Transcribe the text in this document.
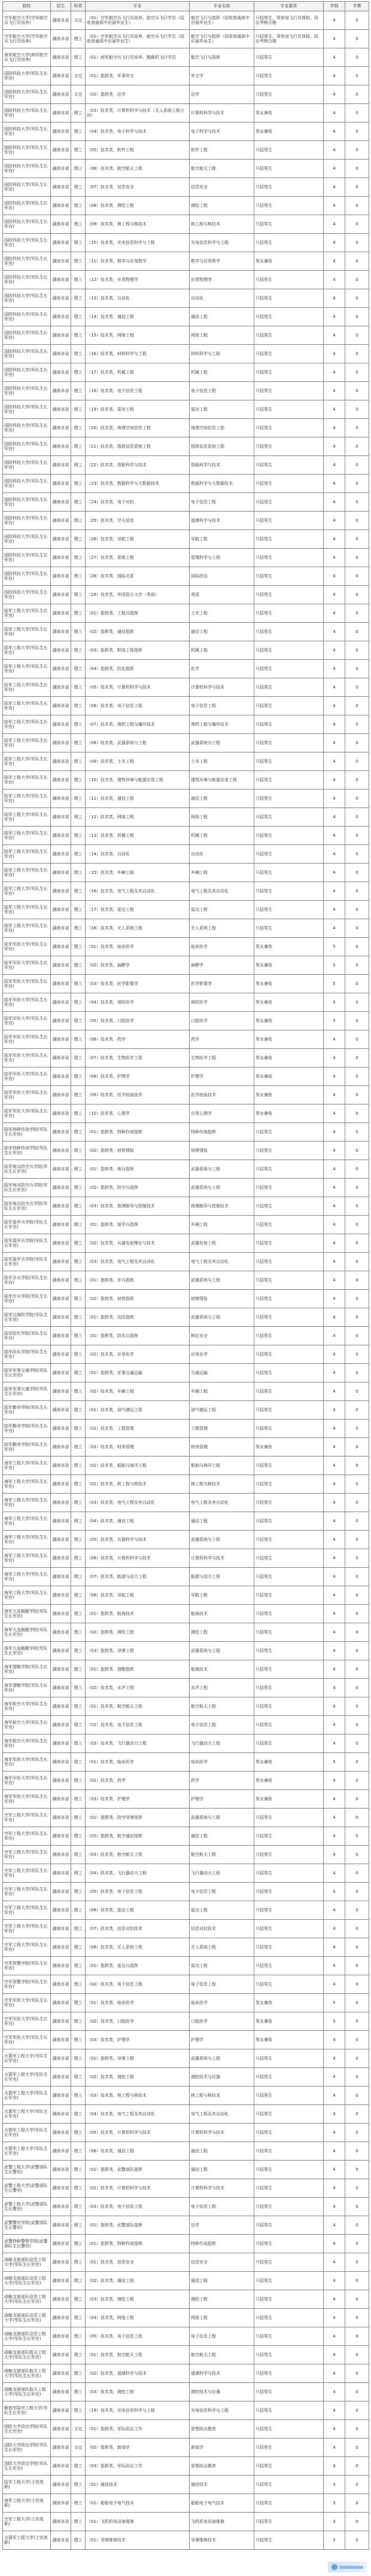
院校	招生	科类	专业	专业名称	专业要求	学制	学费
空军航空大学(空军航空兵飞行员培养)	湖南本省	文史	（01）空军航空兵飞行员培养，航空兵飞行学员（招收普通高中应届毕业生）	航空飞行与指挥（招收普通高中应届毕业生）	只招男生，须参加飞行员体检，政治考核合格	4	0
空军航空大学(空军航空兵飞行员培养)	湖南本省	理工	（01）空军航空兵飞行员培养，航空兵飞行学员（招收普通高中应届毕业生）	航空飞行与指挥（招收普通高中应届毕业生）	只招男生，须参加飞行员体检，政治考核合格	4	0
海军航空大学(海军航空兵飞行员培养)	湖南本省	理工	（01）海军航空兵飞行员培养，舰载机飞行学员	航空飞行与指挥	只招男生	4	0
国防科技大学(军队生长军官)	湖南本省	文史	（01）指挥类，军事外交	外交学	只招男生	4	0
国防科技大学(军队生长军官)	湖南本省	文史	（02）指挥类，法学	法学	只招男生	4	0
国防科技大学(军队生长军官)	湖南本省	理工	（03）技术类，计算机科学与技术（无人系统工程方向）	计算机科学与技术	男女兼收	4	0
国防科技大学(军队生长军官)	湖南本省	理工	（04）技术类，电子科学与技术	电子科学与技术	男女兼收	4	0
国防科技大学(军队生长军官)	湖南本省	理工	（05）技术类，软件工程	软件工程	只招男生	4	0
国防科技大学(军队生长军官)	湖南本省	理工	（06）技术类，航空航天工程	航空航天工程	只招男生	4	0
国防科技大学(军队生长军官)	湖南本省	理工	（07）技术类，信息安全	信息安全	只招男生	4	0
国防科技大学(军队生长军官)	湖南本省	理工	（08）技术类，测绘工程	测绘工程	只招男生	4	0
国防科技大学(军队生长军官)	湖南本省	理工	（09）技术类，核工程与核技术	核工程与核技术	只招男生	4	0
国防科技大学(军队生长军官)	湖南本省	理工	（10）技术类，光电信息科学与工程	光电信息科学与工程	只招男生	4	0
国防科技大学(军队生长军官)	湖南本省	理工	（11）技术类，数学与应用数学	数学与应用数学	男女兼收	4	0
国防科技大学(军队生长军官)	湖南本省	理工	（12）技术类，应用物理学	应用物理学	只招男生	4	0
国防科技大学(军队生长军官)	湖南本省	理工	（13）技术类，自动化	自动化	只招男生	4	0
国防科技大学(军队生长军官)	湖南本省	理工	（14）技术类，通信工程	通信工程	只招男生	4	0
国防科技大学(军队生长军官)	湖南本省	理工	（15）技术类，网络工程	网络工程	只招男生	4	0
国防科技大学(军队生长军官)	湖南本省	理工	（16）技术类，材料科学与工程	材料科学与工程	只招男生	4	0
国防科技大学(军队生长军官)	湖南本省	理工	（17）技术类，机械工程	机械工程	只招男生	4	0
国防科技大学(军队生长军官)	湖南本省	理工	（18）技术类，电子信息工程	电子信息工程	只招男生	4	0
国防科技大学(军队生长军官)	湖南本省	理工	（19）技术类，雷达工程	雷达工程	只招男生	4	0
国防科技大学(军队生长军官)	湖南本省	理工	（20）技术类，地理空间信息工程	地理空间信息工程	只招男生	4	0
国防科技大学(军队生长军官)	湖南本省	理工	（21）技术类，指挥信息系统工程	指挥信息系统工程	只招男生	4	0
国防科技大学(军队生长军官)	湖南本省	理工	（22）技术类，智能科学与技术	智能科学与技术	只招男生	4	0
国防科技大学(军队生长军官)	湖南本省	理工	（23）技术类，数据科学与大数据技术	数据科学与大数据技术	只招男生	4	0
国防科技大学(军队生长军官)	湖南本省	理工	（24）技术类，电子对抗	电子信息工程	只招男生	4	0
国防科技大学(军队生长军官)	湖南本省	理工	（25）技术类，空天信息	遥感科学与技术	只招男生	4	0
国防科技大学(军队生长军官)	湖南本省	理工	（26）技术类，导航工程	导航工程	只招男生	4	0
国防科技大学(军队生长军官)	湖南本省	理工	（27）技术类，系统工程	管理科学与工程	只招男生	4	0
国防科技大学(军队生长军官)	湖南本省	理工	（28）技术类，国际关系	国际政治	只招男生	4	0
国防科技大学(军队生长军官)	湖南本省	理工	（29）技术类，外国语言文学（英语）	英语	只招男生	4	0
陆军工程大学(军队生长军官)	湖南本省	理工	（01）指挥类，工程兵指挥	土木工程	只招男生	4	0
陆军工程大学(军队生长军官)	湖南本省	理工	（02）指挥类，通信指挥	通信工程	只招男生	4	0
陆军工程大学(军队生长军官)	湖南本省	理工	（03）指挥类，野战工程指挥	机械工程	只招男生	4	0
陆军工程大学(军队生长军官)	湖南本省	理工	（04）指挥类，防化指挥	化学	只招男生	4	0
陆军工程大学(军队生长军官)	湖南本省	理工	（05）技术类，计算机科学与技术	计算机科学与技术	只招男生	4	0
陆军工程大学(军队生长军官)	湖南本省	理工	（06）技术类，电子信息工程	电子信息工程	只招男生	4	0
陆军工程大学(军队生长军官)	湖南本省	理工	（07）技术类，弹药工程与爆炸技术	弹药工程与爆炸技术	只招男生	4	0
陆军工程大学(军队生长军官)	湖南本省	理工	（08）技术类，武器系统与工程	武器系统与工程	只招男生	4	0
陆军工程大学(军队生长军官)	湖南本省	理工	（09）技术类，土木工程	土木工程	只招男生	4	0
陆军工程大学(军队生长军官)	湖南本省	理工	（10）技术类，建筑环境与能源应用工程	建筑环境与能源应用工程	只招男生	4	0
陆军工程大学(军队生长军官)	湖南本省	理工	（11）技术类，通信工程	通信工程	只招男生	4	0
陆军工程大学(军队生长军官)	湖南本省	理工	（12）技术类，网络工程	网络工程	只招男生	4	0
陆军工程大学(军队生长军官)	湖南本省	理工	（13）技术类，机械工程	机械工程	只招男生	4	0
陆军工程大学(军队生长军官)	湖南本省	理工	（14）技术类，自动化	自动化	只招男生	4	0
陆军工程大学(军队生长军官)	湖南本省	理工	（15）技术类，车辆工程	车辆工程	只招男生	4	0
陆军工程大学(军队生长军官)	湖南本省	理工	（16）技术类，电气工程及其自动化	电气工程及其自动化	只招男生	4	0
陆军工程大学(军队生长军官)	湖南本省	理工	（17）技术类，雷达工程	雷达工程	只招男生	4	0
陆军工程大学(军队生长军官)	湖南本省	理工	（18）技术类，无人系统工程	无人系统工程	只招男生	4	0
陆军军医大学(军队生长军官)	湖南本省	理工	（01）技术类，临床医学	临床医学	男女兼收	5	0
陆军军医大学(军队生长军官)	湖南本省	理工	（02）技术类，麻醉学	麻醉学	男女兼收	5	0
陆军军医大学(军队生长军官)	湖南本省	理工	（03）技术类，医学影像学	医学影像学	男女兼收	5	0
陆军军医大学(军队生长军官)	湖南本省	理工	（04）技术类，预防医学	预防医学	男女兼收	5	0
陆军军医大学(军队生长军官)	湖南本省	理工	（05）技术类，口腔医学	口腔医学	男女兼收	5	0
陆军军医大学(军队生长军官)	湖南本省	理工	（06）技术类，药学	药学	男女兼收	4	0
陆军军医大学(军队生长军官)	湖南本省	理工	（07）技术类，生物医学工程	生物医学工程	男女兼收	4	0
陆军军医大学(军队生长军官)	湖南本省	理工	（08）技术类，护理学	护理学	男女兼收	4	0
陆军军医大学(军队生长军官)	湖南本省	理工	（09）技术类，医学检验技术	医学检验技术	男女兼收	4	0
陆军军医大学(军队生长军官)	湖南本省	理工	（10）技术类，心理学	应用心理学	男女兼收	4	0
陆军特种作战学院(军队生长军官)	湖南本省	理工	（01）指挥类，特种作战指挥	特种作战指挥	只招男生	4	0
陆军特种作战学院(军队生长军官)	湖南本省	理工	（02）指挥类，侦察情报	侦察情报	只招男生	4	0
陆军炮兵防空兵学院(军队生长军官)	湖南本省	理工	（01）指挥类，炮兵指挥	武器系统与工程	只招男生	4	0
陆军炮兵防空兵学院(军队生长军官)	湖南本省	理工	（02）指挥类，防空兵指挥	武器系统与工程	只招男生	4	0
陆军炮兵防空兵学院(军队生长军官)	湖南本省	理工	（03）技术类，探测制导与控制技术	探测制导与控制技术	只招男生	4	0
陆军装甲兵学院(军队生长军官)	湖南本省	理工	（01）指挥类，装甲兵指挥	车辆工程	只招男生	4	0
陆军装甲兵学院(军队生长军官)	湖南本省	理工	（02）技术类，兵器发射理论与技术	武器发射工程	只招男生	4	0
陆军装甲兵学院(军队生长军官)	湖南本省	理工	（03）技术类，电气工程及其自动化	电气工程及其自动化	只招男生	4	0
陆军步兵学院(军队生长军官)	湖南本省	理工	（01）指挥类，步兵指挥	武器系统与工程	只招男生	4	0
陆军步兵学院(军队生长军官)	湖南本省	理工	（02）指挥类，侦察指挥	侦察情报	只招男生	4	0
陆军边海防学院(军队生长军官)	湖南本省	理工	（01）指挥类，边防指挥	武器系统与工程	只招男生	4	0
陆军防化学院(军队生长军官)	湖南本省	理工	（01）指挥类，防化兵指挥	核化安全	只招男生	4	0
陆军防化学院(军队生长军官)	湖南本省	理工	（02）技术类，应用化学	应用化学	只招男生	4	0
陆军军事交通学院(军队生长军官)	湖南本省	理工	（01）指挥类，军事交通运输	交通运输	只招男生	4	0
陆军军事交通学院(军队生长军官)	湖南本省	理工	（02）技术类，车辆工程	车辆工程	只招男生	4	0
陆军勤务学院(军队生长军官)	湖南本省	理工	（01）技术类，油气储运工程	油气储运工程	只招男生	4	0
陆军勤务学院(军队生长军官)	湖南本省	理工	（02）技术类，工程管理	工程管理	只招男生	4	0
陆军勤务学院(军队生长军官)	湖南本省	理工	（03）技术类，财务管理	财务管理	男女兼收	4	0
海军工程大学(军队生长军官)	湖南本省	理工	（01）技术类，船舶与海洋工程	船舶与海洋工程	只招男生	4	0
海军工程大学(军队生长军官)	湖南本省	理工	（02）技术类，核工程与核技术	核工程与核技术	只招男生	4	0
海军工程大学(军队生长军官)	湖南本省	理工	（03）技术类，电气工程及其自动化	电气工程及其自动化	只招男生	4	0
海军工程大学(军队生长军官)	湖南本省	理工	（04）技术类，通信工程	通信工程	只招男生	4	0
海军工程大学(军队生长军官)	湖南本省	理工	（05）技术类，兵器科学与技术	武器系统与工程	只招男生	4	0
海军工程大学(军队生长军官)	湖南本省	理工	（06）技术类，计算机科学与技术	计算机科学与技术	只招男生	4	0
海军工程大学(军队生长军官)	湖南本省	理工	（07）技术类，能源与动力工程	能源与动力工程	只招男生	4	0
海军工程大学(军队生长军官)	湖南本省	理工	（08）技术类，导航工程	导航工程	只招男生	4	0
海军大连舰艇学院(军队生长军官)	湖南本省	理工	（01）指挥类，航海技术	航海技术	只招男生	4	0
海军大连舰艇学院(军队生长军官)	湖南本省	理工	（02）指挥类，测绘工程	测绘工程	只招男生	4	0
海军大连舰艇学院(军队生长军官)	湖南本省	理工	（03）指挥类，导弹工程	武器系统与工程	只招男生	4	0
海军潜艇学院(军队生长军官)	湖南本省	理工	（01）指挥类，潜艇指挥	航海技术	只招男生	4	0
海军潜艇学院(军队生长军官)	湖南本省	理工	（02）技术类，水声工程	水声工程	只招男生	4	0
海军航空大学(军队生长军官)	湖南本省	理工	（01）技术类，航空航天工程	航空航天工程	只招男生	4	0
海军航空大学(军队生长军官)	湖南本省	理工	（02）技术类，电子信息工程	电子信息工程	只招男生	4	0
海军航空大学(军队生长军官)	湖南本省	理工	（03）技术类，飞行器动力工程	飞行器动力工程	只招男生	4	0
海军军医大学(军队生长军官)	湖南本省	理工	（01）技术类，临床医学	临床医学	男女兼收	5	0
海军军医大学(军队生长军官)	湖南本省	理工	（02）技术类，药学	药学	男女兼收	4	0
海军军医大学(军队生长军官)	湖南本省	理工	（03）技术类，护理学	护理学	男女兼收	4	0
空军工程大学(军队生长军官)	湖南本省	理工	（01）指挥类，防空导弹指挥	武器系统与工程	只招男生	4	0
空军工程大学(军队生长军官)	湖南本省	理工	（02）指挥类，航空通信指挥	通信工程	只招男生	4	0
空军工程大学(军队生长军官)	湖南本省	理工	（03）技术类，航空航天工程	航空航天工程	只招男生	4	0
空军工程大学(军队生长军官)	湖南本省	理工	（04）技术类，飞行器动力工程	飞行器动力工程	只招男生	4	0
空军工程大学(军队生长军官)	湖南本省	理工	（05）技术类，电子信息工程	电子信息工程	只招男生	4	0
空军工程大学(军队生长军官)	湖南本省	理工	（06）技术类，雷达工程	雷达工程	只招男生	4	0
空军工程大学(军队生长军官)	湖南本省	理工	（07）技术类，信息对抗技术	信息对抗技术	只招男生	4	0
空军工程大学(军队生长军官)	湖南本省	理工	（08）技术类，无人系统工程	无人系统工程	只招男生	4	0
空军预警学院(军队生长军官)	湖南本省	理工	（01）指挥类，雷达兵指挥	雷达工程	只招男生	4	0
空军预警学院(军队生长军官)	湖南本省	理工	（02）技术类，电子信息工程	电子信息工程	只招男生	4	0
空军军医大学(军队生长军官)	湖南本省	理工	（01）技术类，临床医学	临床医学	男女兼收	5	0
空军军医大学(军队生长军官)	湖南本省	理工	（02）技术类，口腔医学	口腔医学	男女兼收	5	0
空军军医大学(军队生长军官)	湖南本省	理工	（03）技术类，护理学	护理学	男女兼收	4	0
火箭军工程大学(军队生长军官)	湖南本省	理工	（01）指挥类，导弹工程	武器系统与工程	只招男生	4	0
火箭军工程大学(军队生长军官)	湖南本省	理工	（02）技术类，测控工程	测控技术与仪器	只招男生	4	0
火箭军工程大学(军队生长军官)	湖南本省	理工	（03）技术类，核工程与核技术	核工程与核技术	只招男生	4	0
火箭军工程大学(军队生长军官)	湖南本省	理工	（04）技术类，电气工程及其自动化	电气工程及其自动化	只招男生	4	0
火箭军工程大学(军队生长军官)	湖南本省	理工	（05）技术类，计算机科学与技术	计算机科学与技术	只招男生	4	0
火箭军工程大学(军队生长军官)	湖南本省	理工	（06）技术类，通信工程	通信工程	只招男生	4	0
武警工程大学(武警部队生长警官)	湖南本省	理工	（01）指挥类，武警部队指挥	通信工程	只招男生	4	0
武警工程大学(武警部队生长警官)	湖南本省	理工	（02）技术类，计算机科学与技术	计算机科学与技术	只招男生	4	0
武警工程大学(武警部队生长警官)	湖南本省	理工	（03）技术类，电子信息工程	电子信息工程	只招男生	4	0
武警警官学院(武警部队生长警官)	湖南本省	理工	（01）指挥类，武警部队指挥	法学	只招男生	4	0
武警特种警察学院(武警部队生长警官)	湖南本省	理工	（01）指挥类，特种作战指挥	特种作战指挥	只招男生	4	0
战略支援部队信息工程大学(军队生长军官)	湖南本省	理工	（01）技术类，信息安全	信息安全	只招男生	4	0
战略支援部队信息工程大学(军队生长军官)	湖南本省	理工	（02）技术类，通信工程	通信工程	只招男生	4	0
战略支援部队信息工程大学(军队生长军官)	湖南本省	理工	（03）技术类，测绘工程	测绘工程	只招男生	4	0
战略支援部队信息工程大学(军队生长军官)	湖南本省	理工	（04）技术类，网络工程	网络工程	只招男生	4	0
战略支援部队信息工程大学(军队生长军官)	湖南本省	理工	（05）技术类，电子信息工程	电子信息工程	只招男生	4	0
战略支援部队航天工程大学(军队生长军官)	湖南本省	理工	（01）技术类，航空航天工程	航空航天工程	只招男生	4	0
战略支援部队航天工程大学(军队生长军官)	湖南本省	理工	（02）技术类，遥感科学与技术	遥感科学与技术	只招男生	4	0
战略支援部队航天工程大学(军队生长军官)	湖南本省	理工	（03）技术类，测控工程	测控技术与仪器	只招男生	4	0
解放军陆军工程大学(军队生长军官)	湖南本省	理工	（19）技术类，光电信息科学与工程	光电信息科学与工程	只招男生	4	0
国防大学政治学院(军队生长军官)	湖南本省	文史	（01）指挥类，军队政治工作	思想政治教育	只招男生	4	0
国防大学政治学院(军队生长军官)	湖南本省	文史	（02）指挥类，新闻学	新闻学	只招男生	4	0
国防大学政治学院(军队生长军官)	湖南本省	理工	（03）指挥类，军队政治工作	思想政治教育	只招男生	4	0
陆军工程大学(士官高职)	湖南本省	理工	（01）通信技术	通信技术	只招男生	3	0
海军工程大学(士官高职)	湖南本省	理工	（01）船舶电子电气技术	船舶电子电气技术	只招男生	3	0
空军工程大学(士官高职)	湖南本省	理工	（01）飞机机电设备维修	飞机机电设备维修	只招男生	3	0
火箭军工程大学(士官高职)	湖南本省	理工	（01）导弹维修技术	导弹维修技术	只招男生	3	0
